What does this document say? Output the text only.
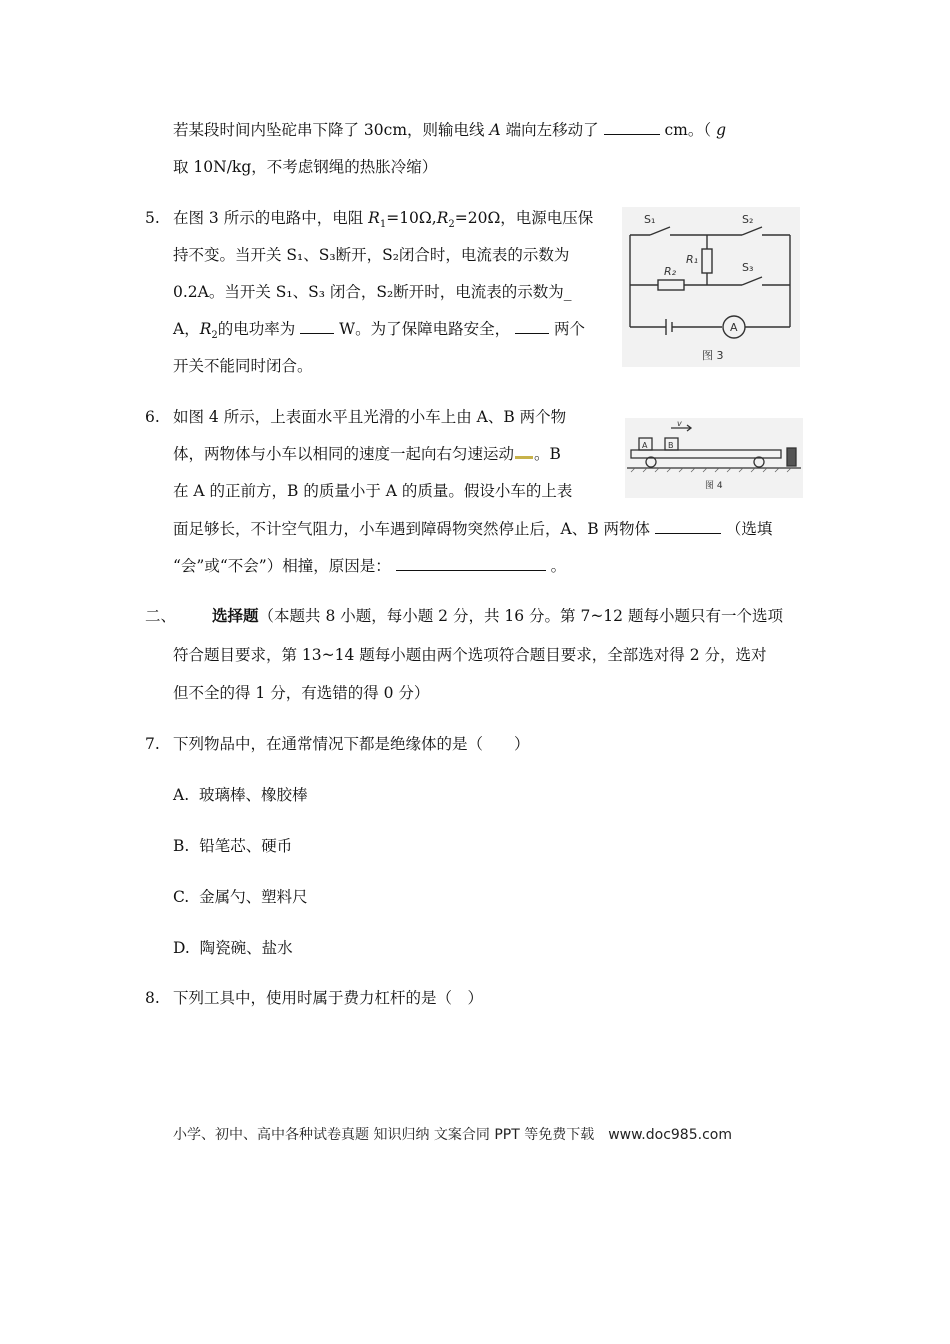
若某段时间内坠砣串下降了 30cm，则输电线 A 端向左移动了	cm。（ g
取 10N/kg，不考虑钢绳的热胀冷缩）
5. 在图 3 所示的电路中，电阻 $R_1=10\Omega,R_2=20\Omega$，电源电压保
持不变。当开关 S₁、S₃断开，S₂闭合时，电流表的示数为
0.2A。当开关 S₁、S₃ 闭合，S₂断开时，电流表的示数为_
A，$R_2$的电功率为	W。为了保障电路安全，	两个
开关不能同时闭合。
S₁	S₂
S₃
R₁
R₂
A
图 3
6. 如图 4 所示，上表面水平且光滑的小车上由 A、B 两个物
体，两物体与小车以相同的速度一起向右匀速运动 。B
在 A 的正前方，B 的质量小于 A 的质量。假设小车的上表
面足够长，不计空气阻力，小车遇到障碍物突然停止后，A、B 两物体	（选填
“会”或“不会”）相撞，原因是：	。
A	B
v
图 4
二、 选择题（本题共 8 小题，每小题 2 分，共 16 分。第 7~12 题每小题只有一个选项
符合题目要求，第 13~14 题每小题由两个选项符合题目要求，全部选对得 2 分，选对
但不全的得 1 分，有选错的得 0 分）
7. 下列物品中，在通常情况下都是绝缘体的是（　　）
A. 玻璃棒、橡胶棒
B. 铅笔芯、硬币
C. 金属勺、塑料尺
D. 陶瓷碗、盐水
8. 下列工具中，使用时属于费力杠杆的是（　）
小学、初中、高中各种试卷真题 知识归纳 文案合同 PPT 等免费下载　www.doc985.com
